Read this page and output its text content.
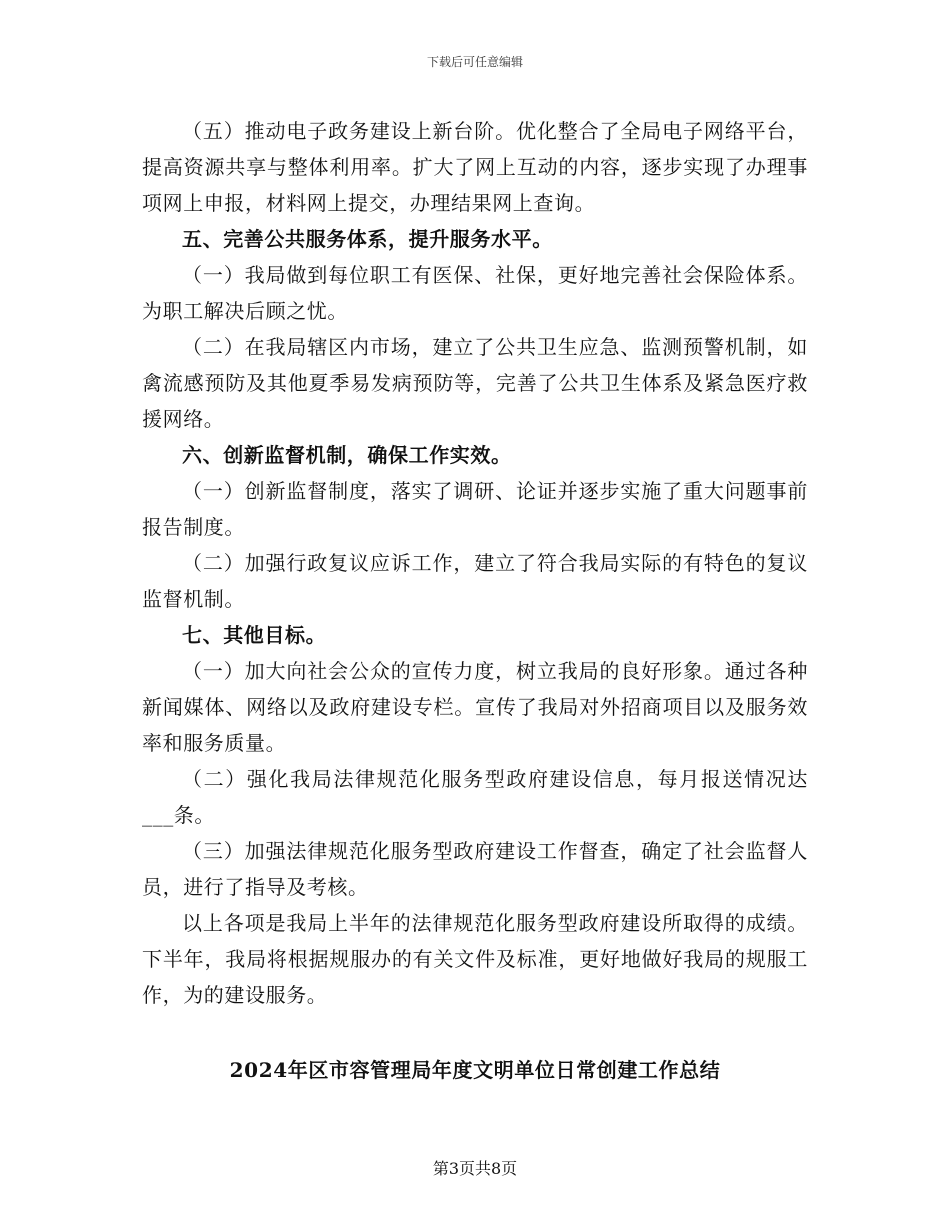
下载后可任意编辑

（五）推动电子政务建设上新台阶。优化整合了全局电子网络平台，提高资源共享与整体利用率。扩大了网上互动的内容，逐步实现了办理事项网上申报，材料网上提交，办理结果网上查询。

五、完善公共服务体系，提升服务水平。

（一）我局做到每位职工有医保、社保，更好地完善社会保险体系。为职工解决后顾之忧。

（二）在我局辖区内市场，建立了公共卫生应急、监测预警机制，如禽流感预防及其他夏季易发病预防等，完善了公共卫生体系及紧急医疗救援网络。

六、创新监督机制，确保工作实效。

（一）创新监督制度，落实了调研、论证并逐步实施了重大问题事前报告制度。

（二）加强行政复议应诉工作，建立了符合我局实际的有特色的复议监督机制。

七、其他目标。

（一）加大向社会公众的宣传力度，树立我局的良好形象。通过各种新闻媒体、网络以及政府建设专栏。宣传了我局对外招商项目以及服务效率和服务质量。

（二）强化我局法律规范化服务型政府建设信息，每月报送情况达___条。

（三）加强法律规范化服务型政府建设工作督查，确定了社会监督人员，进行了指导及考核。

以上各项是我局上半年的法律规范化服务型政府建设所取得的成绩。下半年，我局将根据规服办的有关文件及标准，更好地做好我局的规服工作，为的建设服务。

2024年区市容管理局年度文明单位日常创建工作总结
第3页共8页
